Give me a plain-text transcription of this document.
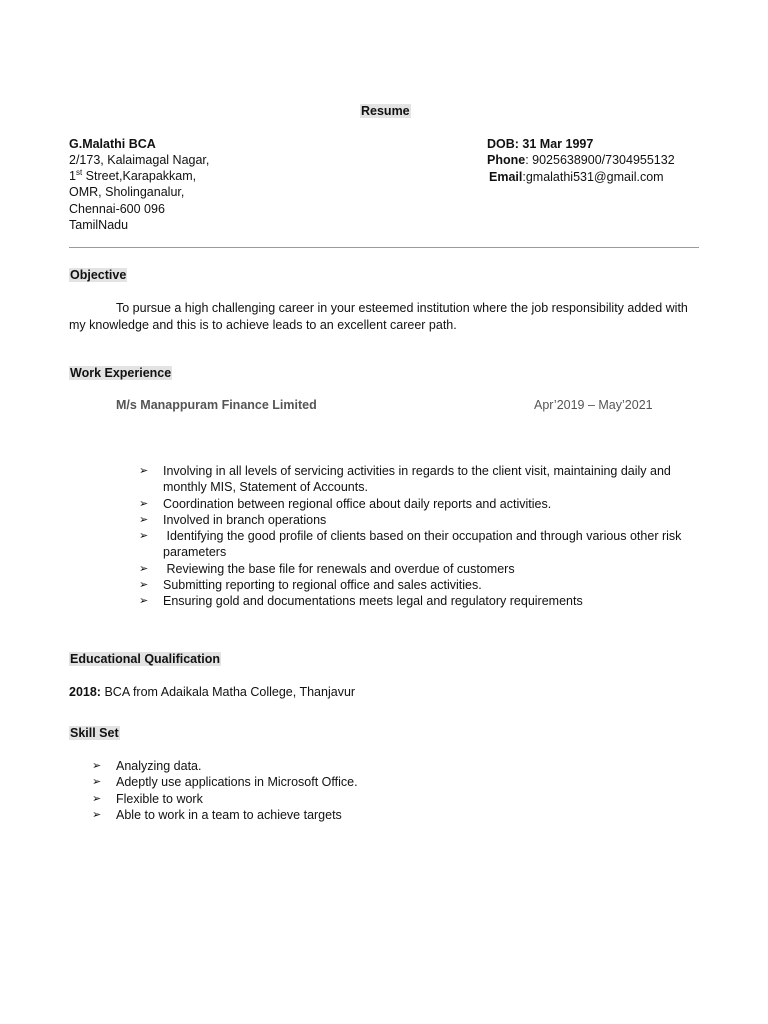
Resume
G.Malathi BCA
2/173, Kalaimagal Nagar,
1st Street,Karapakkam,
OMR, Sholinganalur,
Chennai-600 096
TamilNadu
DOB: 31 Mar 1997
Phone: 9025638900/7304955132
Email:gmalathi531@gmail.com
Objective
To pursue a high challenging career in your esteemed institution where the job responsibility added with my knowledge and this is to achieve leads to an excellent career path.
Work Experience
M/s Manappuram Finance Limited	Apr’2019 – May’2021
➢ Involving in all levels of servicing activities in regards to the client visit, maintaining daily and monthly MIS, Statement of Accounts.
➢ Coordination between regional office about daily reports and activities.
➢ Involved in branch operations
➢ Identifying the good profile of clients based on their occupation and through various other risk parameters
➢ Reviewing the base file for renewals and overdue of customers
➢ Submitting reporting to regional office and sales activities.
➢ Ensuring gold and documentations meets legal and regulatory requirements
Educational Qualification
2018: BCA from Adaikala Matha College, Thanjavur
Skill Set
➢ Analyzing data.
➢ Adeptly use applications in Microsoft Office.
➢ Flexible to work
➢ Able to work in a team to achieve targets
